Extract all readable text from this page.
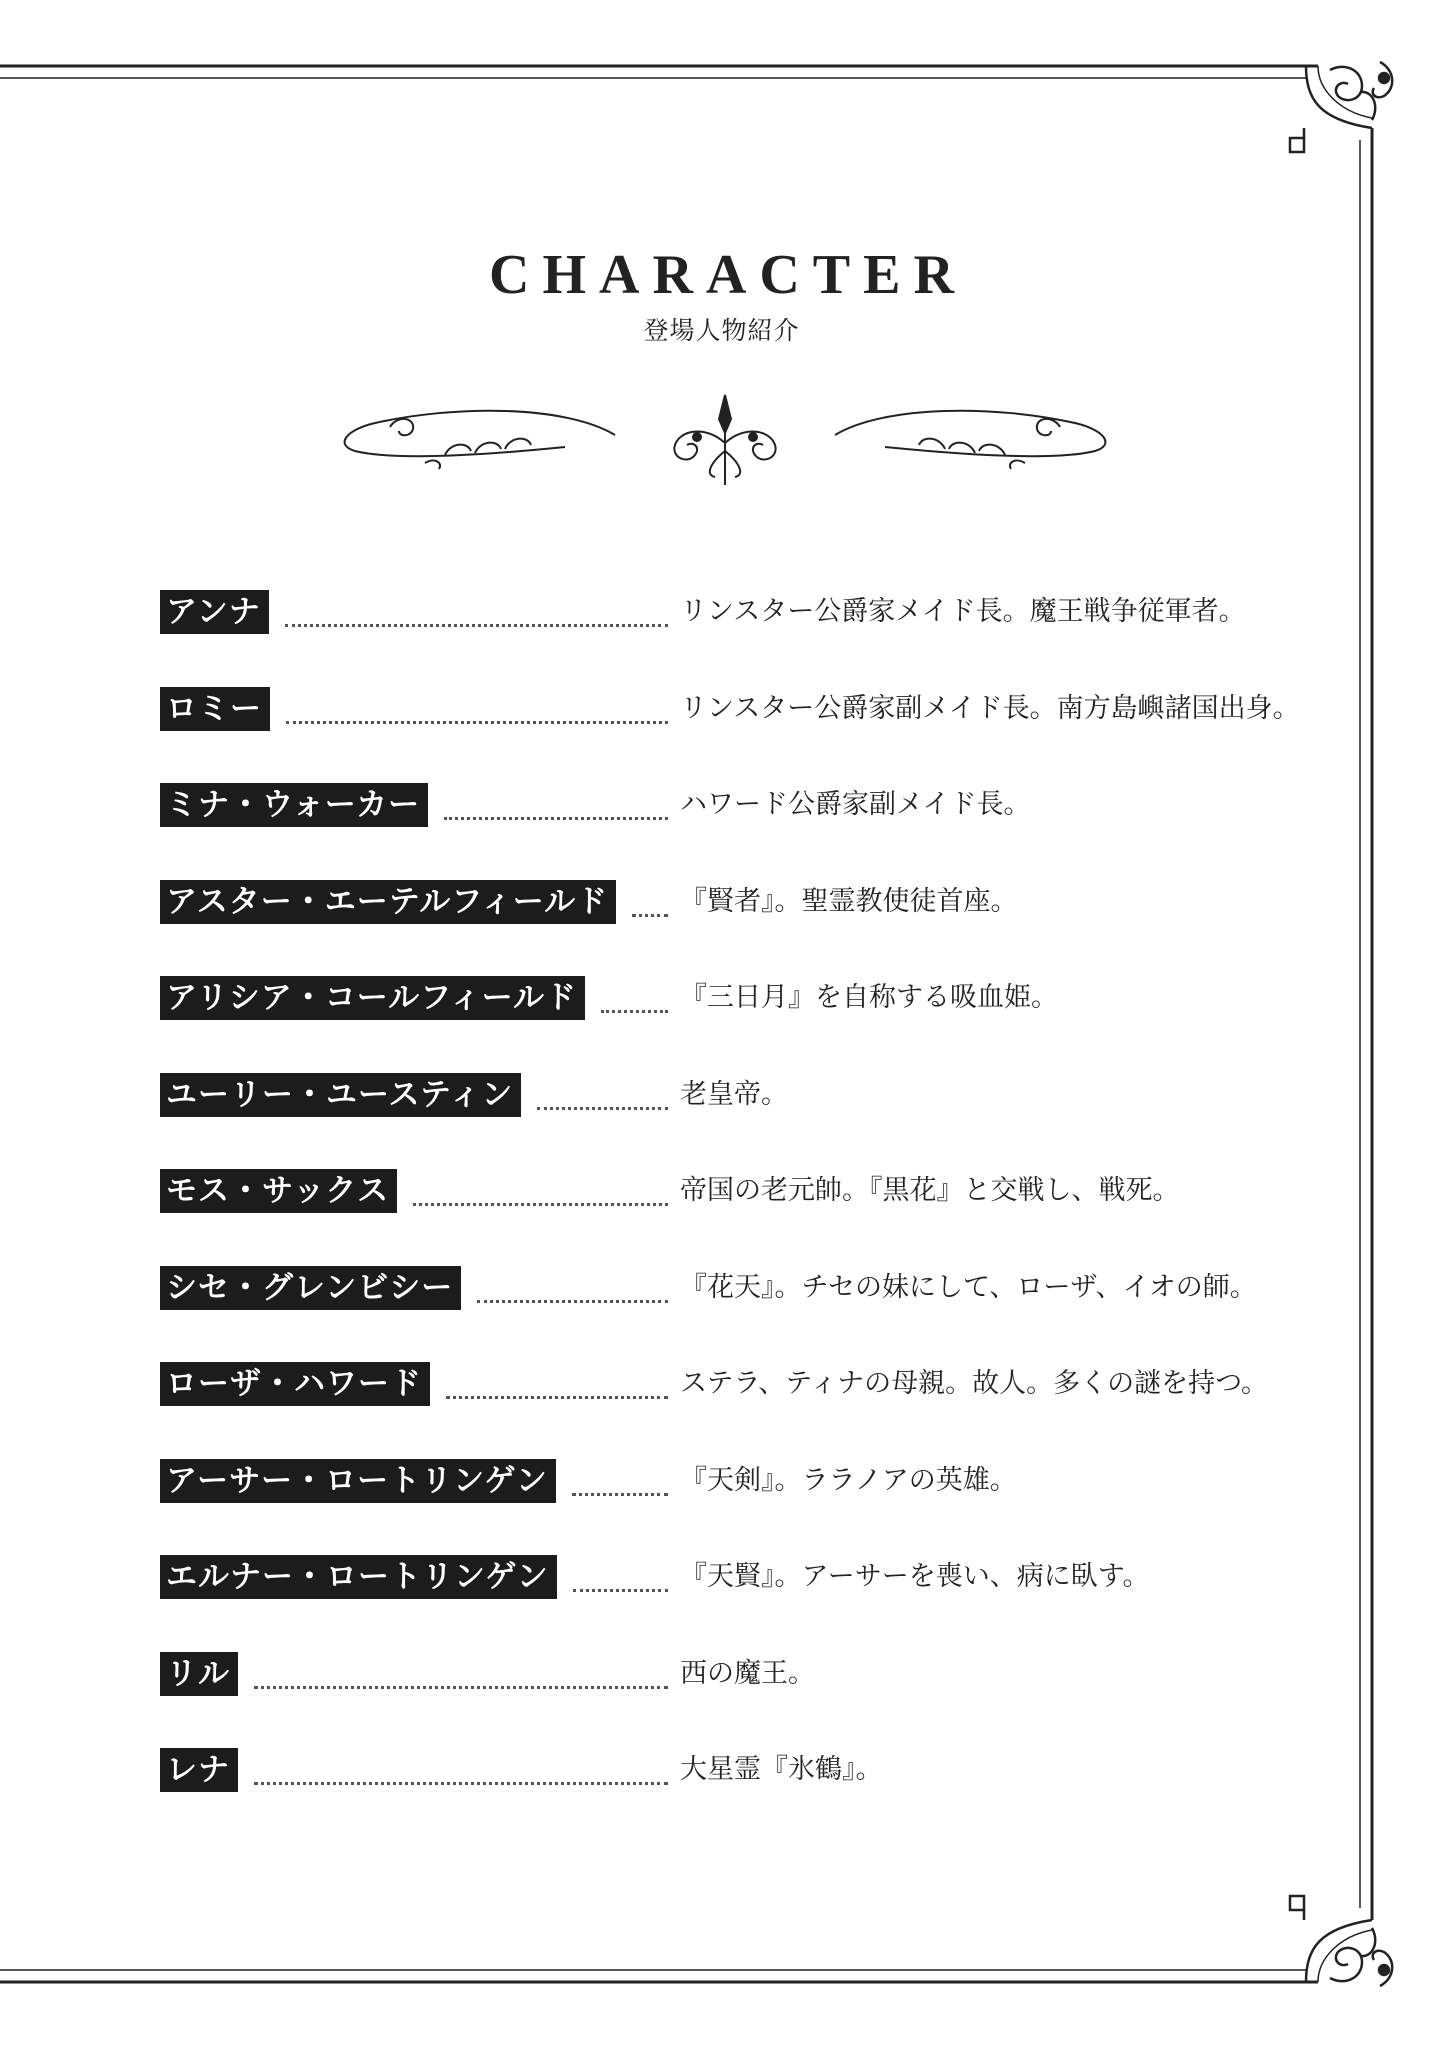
CHARACTER
登場人物紹介
アンナ	リンスター公爵家メイド長。魔王戦争従軍者。
ロミー	リンスター公爵家副メイド長。南方島嶼諸国出身。
ミナ・ウォーカー	ハワード公爵家副メイド長。
アスター・エーテルフィールド	『賢者』。聖霊教使徒首座。
アリシア・コールフィールド	『三日月』を自称する吸血姫。
ユーリー・ユースティン	老皇帝。
モス・サックス	帝国の老元帥。『黒花』と交戦し、戦死。
シセ・グレンビシー	『花天』。チセの妹にして、ローザ、イオの師。
ローザ・ハワード	ステラ、ティナの母親。故人。多くの謎を持つ。
アーサー・ロートリンゲン	『天剣』。ララノアの英雄。
エルナー・ロートリンゲン	『天賢』。アーサーを喪い、病に臥す。
リル	西の魔王。
レナ	大星霊『氷鶴』。
